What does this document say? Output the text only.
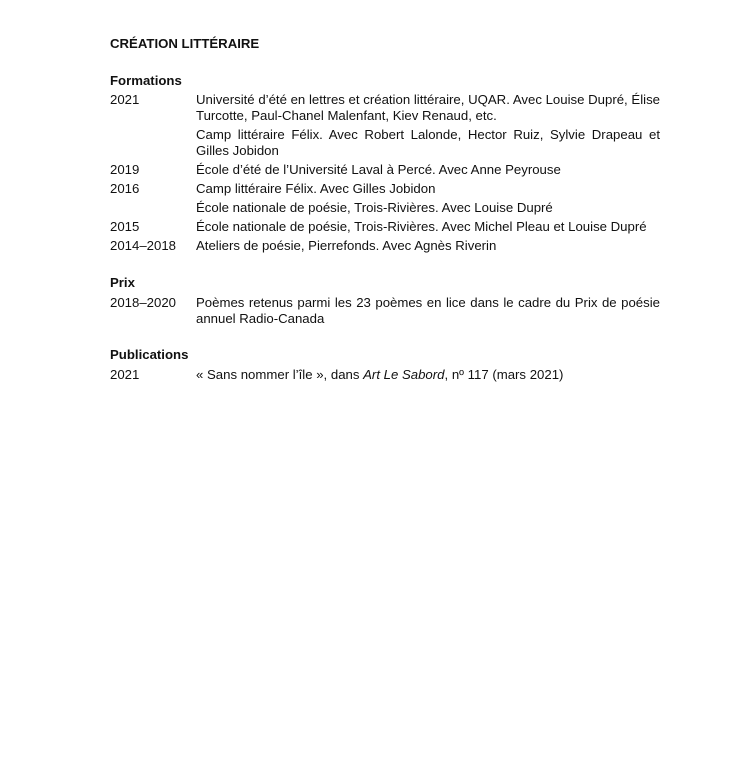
CRÉATION LITTÉRAIRE
Formations
2021	Université d’été en lettres et création littéraire, UQAR. Avec Louise Dupré, Élise Turcotte, Paul-Chanel Malenfant, Kiev Renaud, etc.
Camp littéraire Félix. Avec Robert Lalonde, Hector Ruiz, Sylvie Drapeau et Gilles Jobidon
2019	École d’été de l’Université Laval à Percé. Avec Anne Peyrouse
2016	Camp littéraire Félix. Avec Gilles Jobidon
École nationale de poésie, Trois-Rivières. Avec Louise Dupré
2015	École nationale de poésie, Trois-Rivières. Avec Michel Pleau et Louise Dupré
2014–2018	Ateliers de poésie, Pierrefonds. Avec Agnès Riverin
Prix
2018–2020	Poèmes retenus parmi les 23 poèmes en lice dans le cadre du Prix de poésie annuel Radio-Canada
Publications
2021	« Sans nommer l’île », dans Art Le Sabord, nº 117 (mars 2021)
